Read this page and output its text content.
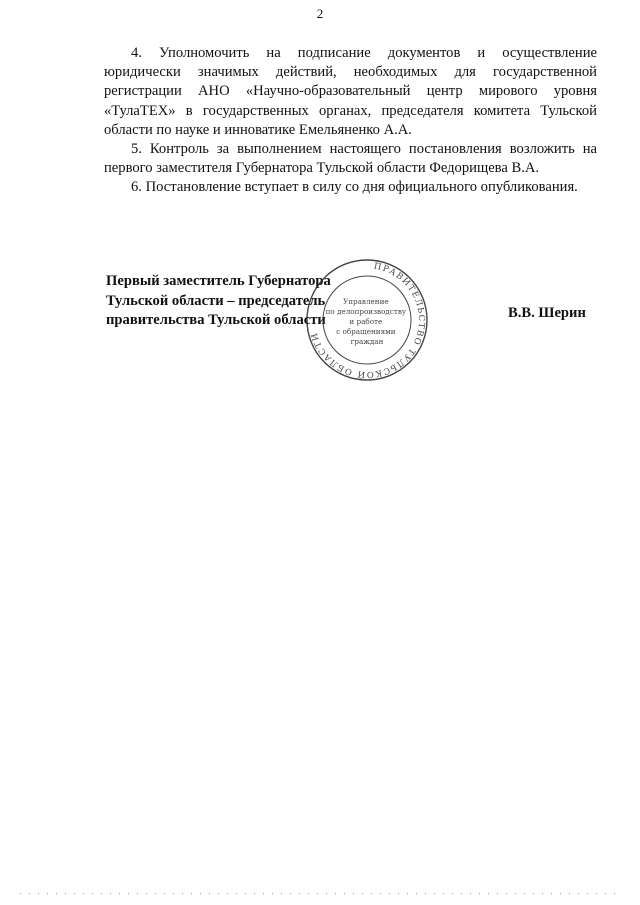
2

4. Уполномочить на подписание документов и осуществление юридически значимых действий, необходимых для государственной регистрации АНО «Научно-образовательный центр мирового уровня «ТулаТЕХ» в государственных органах, председателя комитета Тульской области по науке и инноватике Емельяненко А.А.

5. Контроль за выполнением настоящего постановления возложить на первого заместителя Губернатора Тульской области Федорищева В.А.

6. Постановление вступает в силу со дня официального опубликования.

Первый заместитель Губернатора
Тульской области – председатель
правительства Тульской области
ПРАВИТЕЛЬСТВО ТУЛЬСКОЙ ОБЛАСТИ
Управление по делопроизводству и работе с обращениями граждан
В.В. Шерин
